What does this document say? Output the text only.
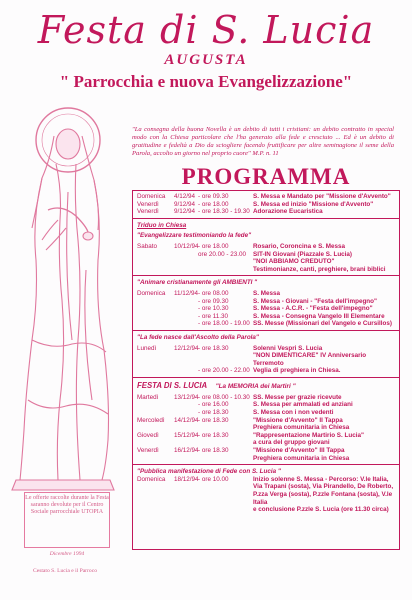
Festa di S. Lucia
AUGUSTA
" Parrocchia e nuova Evangelizzazione"
"La consegna della buona Novella è un debito di tutti i cristiani: un debito contratto in special modo con la Chiesa particolare che l'ha generato alla fede e cresciuto ... Ed è un debito di gratitudine e fedeltà a Dio da sciogliere facendo fruttificare per altre seminagione il seme della Parola, accolto un giorno nel proprio cuore" M.P. n. 11
PROGRAMMA
Domenica	4/12/94 - ore 09.30	S. Messa e Mandato per "Missione d'Avvento"
Venerdì	9/12/94 - ore 18.00	S. Messa ed inizio "Missione d'Avvento"
Venerdì	9/12/94 - ore 18.30 - 19.30 Adorazione Eucaristica
Triduo in Chiesa
"Evangelizzare testimoniando la fede"
Sabato	10/12/94 - ore 18.00	Rosario, Coroncina e S. Messa
ore 20.00 - 23.00	SIT-IN Giovani (Piazzale S. Lucia)
"NOI ABBIAMO CREDUTO"
Testimonianze, canti, preghiere, brani biblici
"Animare cristianamente gli AMBIENTI "
Domenica	11/12/94 - ore 08.00	S. Messa
- ore 09.30	S. Messa - Giovani - "Festa dell'impegno"
- ore 10.30	S. Messa - A.C.R. - "Festa dell'impegno"
- ore 11.30	S. Messa - Consegna Vangelo III Elementare
- ore 18.00 - 19.00 SS. Messe (Missionari del Vangelo e Cursillos)
"La fede nasce dall'Ascolto della Parola"
Lunedì	12/12/94 - ore 18.30	Solenni Vespri S. Lucia
"NON DIMENTICARE" IV Anniversario Terremoto
- ore 20.00 - 22.00 Veglia di preghiera in Chiesa.
FESTA DI S. LUCIA "La MEMORIA dei Martiri "
Martedì	13/12/94 - ore 08.00 - 10.30 SS. Messe per grazie ricevute
- ore 16.00	S. Messa per ammalati ed anziani
- ore 18.30	S. Messa con i non vedenti
Mercoledì	14/12/94 - ore 18.30	"Missione d'Avvento" II Tappa
Preghiera comunitaria in Chiesa
Giovedì	15/12/94 - ore 18.30	"Rappresentazione Martirio S. Lucia"
a cura del gruppo giovani
Venerdì	16/12/94 - ore 18.30	"Missione d'Avvento" III Tappa
Preghiera comunitaria in Chiesa
"Pubblica manifestazione di Fede con S. Lucia "
Domenica	18/12/94 - ore 10.00	Inizio solenne S. Messa - Percorso: V.le Italia,
Via Trapani (sosta), Via Pirandello, De Roberto,
P.zza Verga (sosta), P.zzle Fontana (sosta), V.le Italia
e conclusione P.zzle S. Lucia (ore 11.30 circa)
Le offerte raccolte durante la Festa saranno devolute per il Centro Sociale parrocchiale UTOPIA
Dicembre 1994
Cestato S. Lucia e il Parroco
